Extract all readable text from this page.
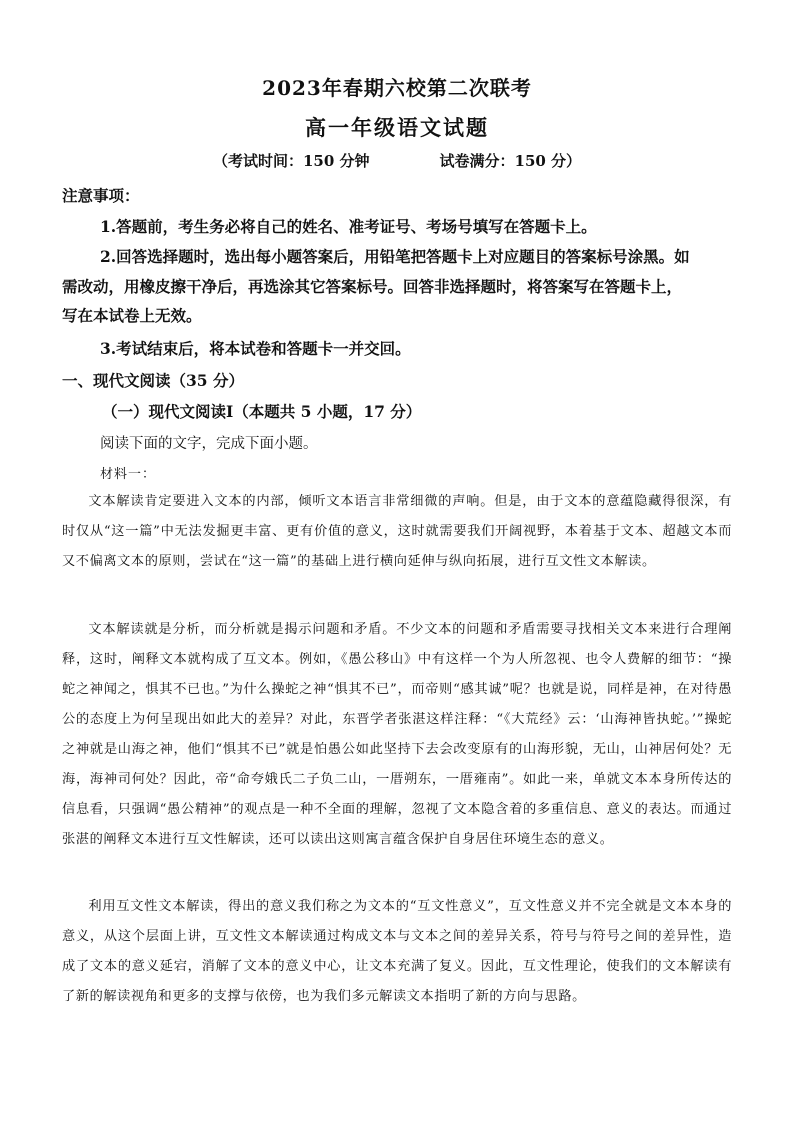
2023年春期六校第二次联考
高一年级语文试题
（考试时间：150 分钟	试卷满分：150 分）
注意事项：
1.答题前，考生务必将自己的姓名、准考证号、考场号填写在答题卡上。
2.回答选择题时，选出每小题答案后，用铅笔把答题卡上对应题目的答案标号涂黑。如
需改动，用橡皮擦干净后，再选涂其它答案标号。回答非选择题时，将答案写在答题卡上，
写在本试卷上无效。
3.考试结束后，将本试卷和答题卡一并交回。
一、现代文阅读（35 分）
（一）现代文阅读Ⅰ（本题共 5 小题，17 分）
阅读下面的文字，完成下面小题。
材料一：
文本解读肯定要进入文本的内部，倾听文本语言非常细微的声响。但是，由于文本的意蕴隐藏得很深，有时仅从“这一篇”中无法发掘更丰富、更有价值的意义，这时就需要我们开阔视野，本着基于文本、超越文本而又不偏离文本的原则，尝试在“这一篇”的基础上进行横向延伸与纵向拓展，进行互文性文本解读。
文本解读就是分析，而分析就是揭示问题和矛盾。不少文本的问题和矛盾需要寻找相关文本来进行合理阐释，这时，阐释文本就构成了互文本。例如，《愚公移山》中有这样一个为人所忽视、也令人费解的细节：“操蛇之神闻之，惧其不已也。”为什么操蛇之神“惧其不已”，而帝则“感其诚”呢？也就是说，同样是神，在对待愚公的态度上为何呈现出如此大的差异？对此，东晋学者张湛这样注释：“《大荒经》云：‘山海神皆执蛇。’”操蛇之神就是山海之神，他们“惧其不已”就是怕愚公如此坚持下去会改变原有的山海形貌，无山，山神居何处？无海，海神司何处？因此，帝“命夸娥氏二子负二山，一厝朔东，一厝雍南”。如此一来，单就文本本身所传达的信息看，只强调“愚公精神”的观点是一种不全面的理解，忽视了文本隐含着的多重信息、意义的表达。而通过张湛的阐释文本进行互文性解读，还可以读出这则寓言蕴含保护自身居住环境生态的意义。
利用互文性文本解读，得出的意义我们称之为文本的“互文性意义”，互文性意义并不完全就是文本本身的意义，从这个层面上讲，互文性文本解读通过构成文本与文本之间的差异关系，符号与符号之间的差异性，造成了文本的意义延宕，消解了文本的意义中心，让文本充满了复义。因此，互文性理论，使我们的文本解读有了新的解读视角和更多的支撑与依傍，也为我们多元解读文本指明了新的方向与思路。
